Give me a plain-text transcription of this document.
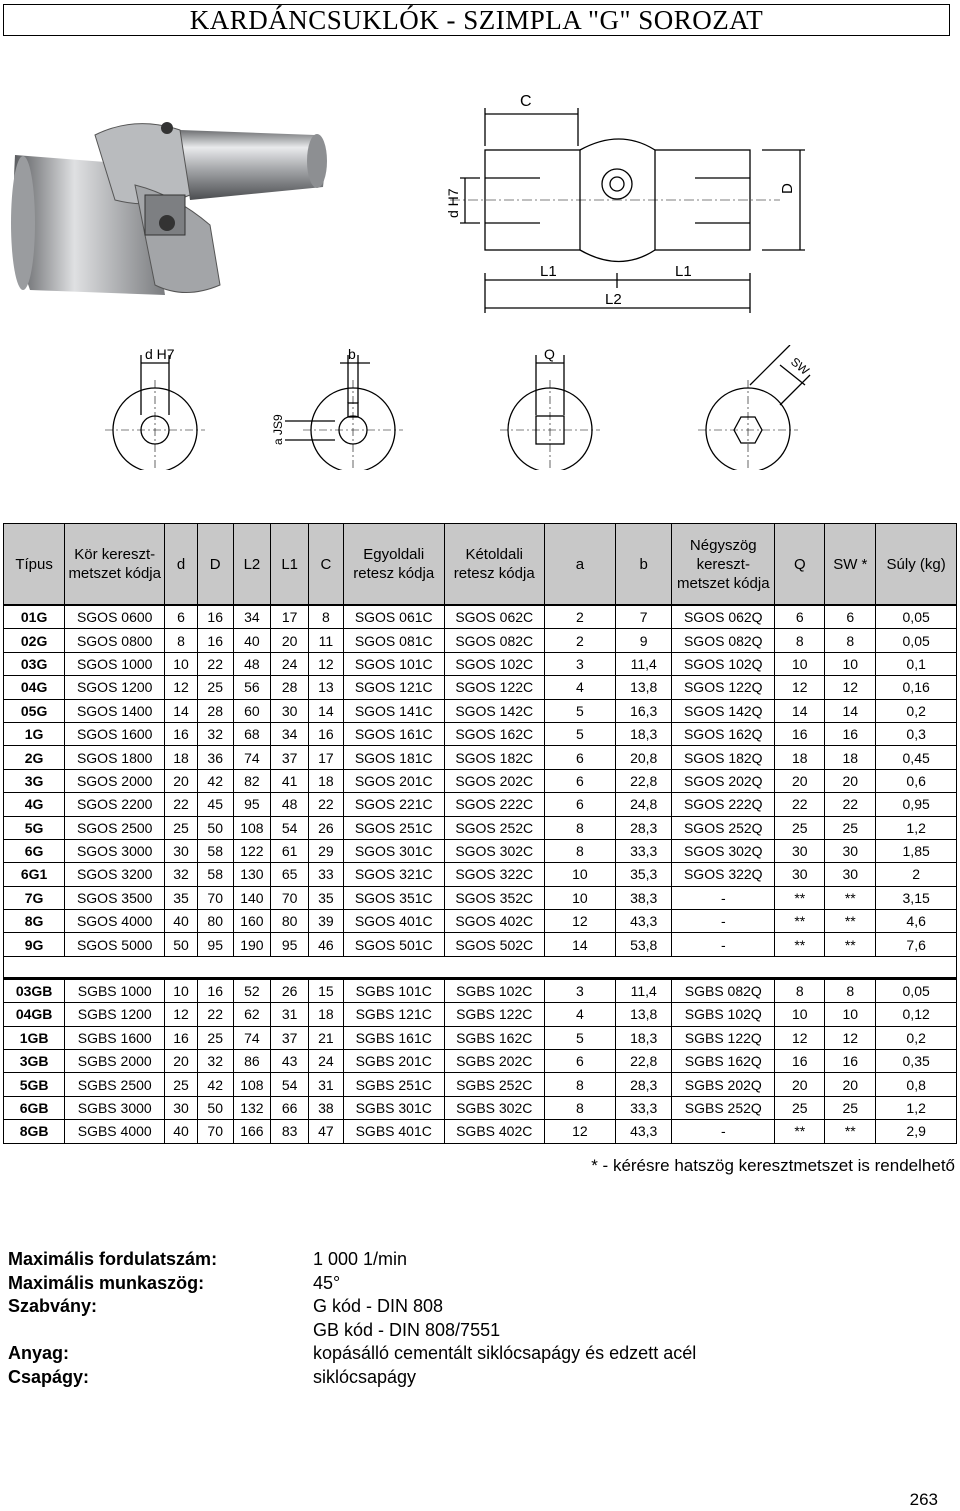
KARDÁNCSUKLÓK - SZIMPLA "G" SOROZAT
C
L1	L1
L2
D
d H7
d H7	b	Q
SW
a JS9
Típus	Kör kereszt- metszet kódja	d	D	L2	L1	C	Egyoldali retesz kódja	Kétoldali retesz kódja	a	b	Négyszög kereszt- metszet kódja	Q	SW *	Súly (kg)
01G	SGOS 0600	6	16	34	17	8	SGOS 061C	SGOS 062C	2	7	SGOS 062Q	6	6	0,05
02G	SGOS 0800	8	16	40	20	11	SGOS 081C	SGOS 082C	2	9	SGOS 082Q	8	8	0,05
03G	SGOS 1000	10	22	48	24	12	SGOS 101C	SGOS 102C	3	11,4	SGOS 102Q	10	10	0,1
04G	SGOS 1200	12	25	56	28	13	SGOS 121C	SGOS 122C	4	13,8	SGOS 122Q	12	12	0,16
05G	SGOS 1400	14	28	60	30	14	SGOS 141C	SGOS 142C	5	16,3	SGOS 142Q	14	14	0,2
1G	SGOS 1600	16	32	68	34	16	SGOS 161C	SGOS 162C	5	18,3	SGOS 162Q	16	16	0,3
2G	SGOS 1800	18	36	74	37	17	SGOS 181C	SGOS 182C	6	20,8	SGOS 182Q	18	18	0,45
3G	SGOS 2000	20	42	82	41	18	SGOS 201C	SGOS 202C	6	22,8	SGOS 202Q	20	20	0,6
4G	SGOS 2200	22	45	95	48	22	SGOS 221C	SGOS 222C	6	24,8	SGOS 222Q	22	22	0,95
5G	SGOS 2500	25	50	108	54	26	SGOS 251C	SGOS 252C	8	28,3	SGOS 252Q	25	25	1,2
6G	SGOS 3000	30	58	122	61	29	SGOS 301C	SGOS 302C	8	33,3	SGOS 302Q	30	30	1,85
6G1	SGOS 3200	32	58	130	65	33	SGOS 321C	SGOS 322C	10	35,3	SGOS 322Q	30	30	2
7G	SGOS 3500	35	70	140	70	35	SGOS 351C	SGOS 352C	10	38,3	-	**	**	3,15
8G	SGOS 4000	40	80	160	80	39	SGOS 401C	SGOS 402C	12	43,3	-	**	**	4,6
9G	SGOS 5000	50	95	190	95	46	SGOS 501C	SGOS 502C	14	53,8	-	**	**	7,6

03GB	SGBS 1000	10	16	52	26	15	SGBS 101C	SGBS 102C	3	11,4	SGBS 082Q	8	8	0,05
04GB	SGBS 1200	12	22	62	31	18	SGBS 121C	SGBS 122C	4	13,8	SGBS 102Q	10	10	0,12
1GB	SGBS 1600	16	25	74	37	21	SGBS 161C	SGBS 162C	5	18,3	SGBS 122Q	12	12	0,2
3GB	SGBS 2000	20	32	86	43	24	SGBS 201C	SGBS 202C	6	22,8	SGBS 162Q	16	16	0,35
5GB	SGBS 2500	25	42	108	54	31	SGBS 251C	SGBS 252C	8	28,3	SGBS 202Q	20	20	0,8
6GB	SGBS 3000	30	50	132	66	38	SGBS 301C	SGBS 302C	8	33,3	SGBS 252Q	25	25	1,2
8GB	SGBS 4000	40	70	166	83	47	SGBS 401C	SGBS 402C	12	43,3	-	**	**	2,9
* - kérésre hatszög keresztmetszet is rendelhető
Maximális fordulatszám:	1 000 1/min
Maximális munkaszög:	45°
Szabvány:	G kód - DIN 808
GB kód - DIN 808/7551
Anyag:	kopásálló cementált siklócsapágy és edzett acél
Csapágy:	siklócsapágy
263
